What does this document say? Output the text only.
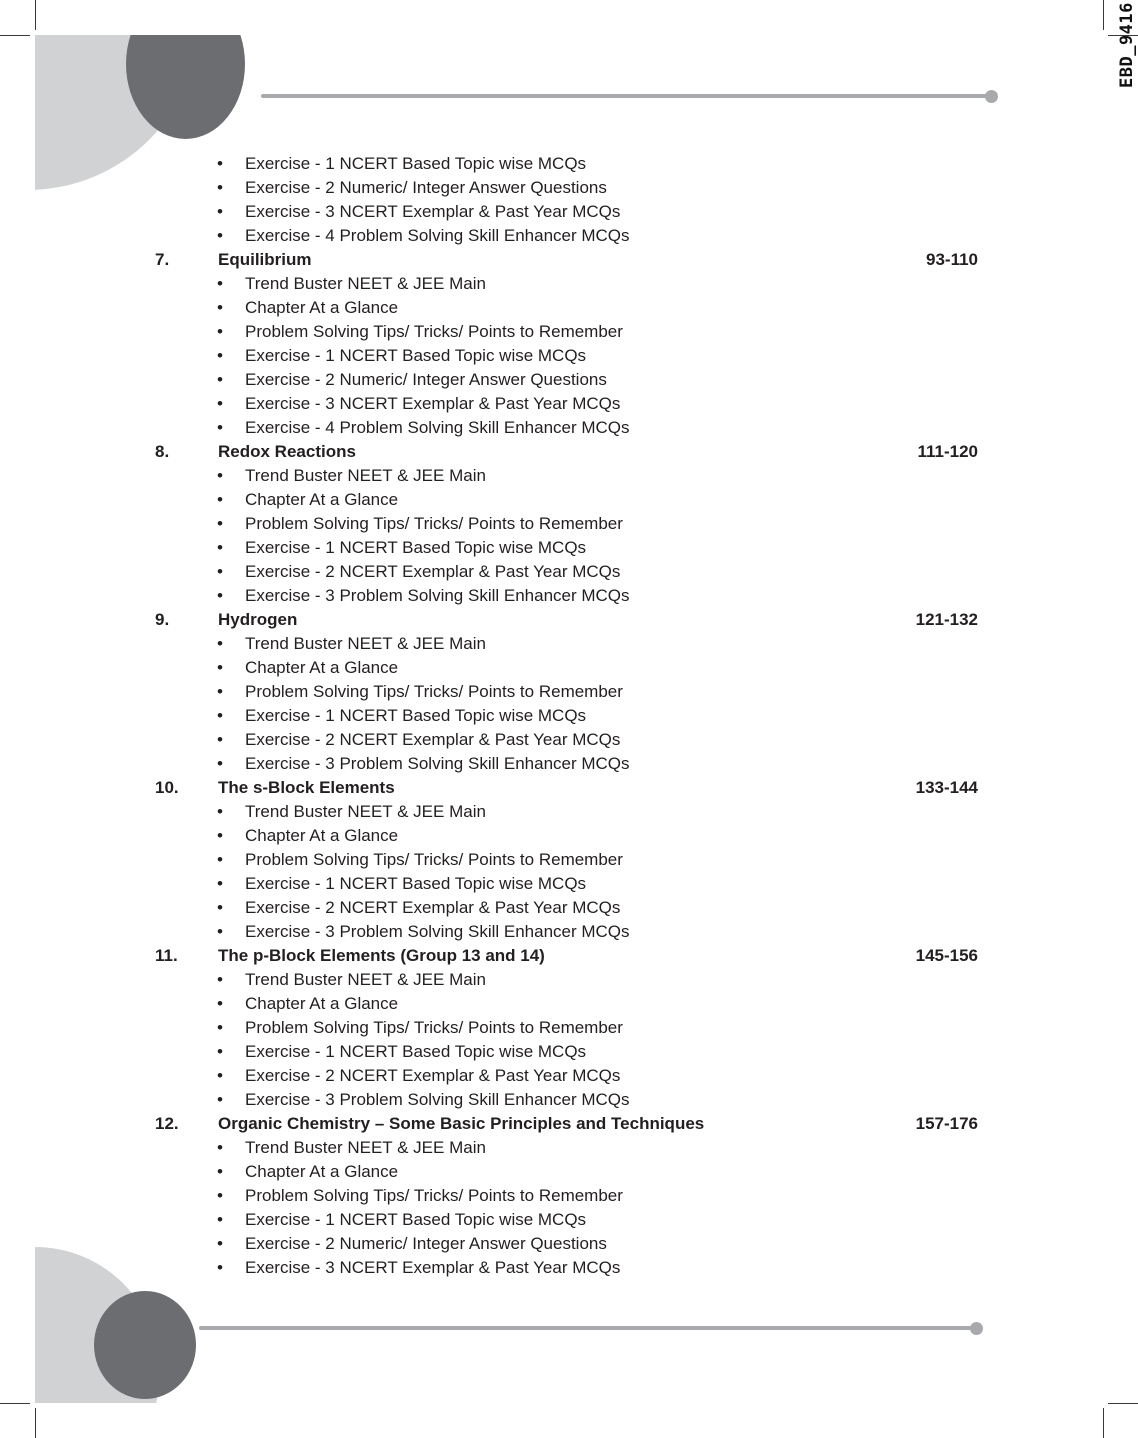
EBD_9416
•	Exercise - 1 NCERT Based Topic wise MCQs
•	Exercise - 2 Numeric/ Integer Answer Questions
•	Exercise - 3 NCERT Exemplar & Past Year MCQs
•	Exercise - 4 Problem Solving Skill Enhancer MCQs
7.	Equilibrium	93-110
•	Trend Buster NEET & JEE Main
•	Chapter At a Glance
•	Problem Solving Tips/ Tricks/ Points to Remember
•	Exercise - 1 NCERT Based Topic wise MCQs
•	Exercise - 2 Numeric/ Integer Answer Questions
•	Exercise - 3 NCERT Exemplar & Past Year MCQs
•	Exercise - 4 Problem Solving Skill Enhancer MCQs
8.	Redox Reactions	111-120
•	Trend Buster NEET & JEE Main
•	Chapter At a Glance
•	Problem Solving Tips/ Tricks/ Points to Remember
•	Exercise - 1 NCERT Based Topic wise MCQs
•	Exercise - 2 NCERT Exemplar & Past Year MCQs
•	Exercise - 3 Problem Solving Skill Enhancer MCQs
9.	Hydrogen	121-132
•	Trend Buster NEET & JEE Main
•	Chapter At a Glance
•	Problem Solving Tips/ Tricks/ Points to Remember
•	Exercise - 1 NCERT Based Topic wise MCQs
•	Exercise - 2 NCERT Exemplar & Past Year MCQs
•	Exercise - 3 Problem Solving Skill Enhancer MCQs
10. The s-Block Elements	133-144
•	Trend Buster NEET & JEE Main
•	Chapter At a Glance
•	Problem Solving Tips/ Tricks/ Points to Remember
•	Exercise - 1 NCERT Based Topic wise MCQs
•	Exercise - 2 NCERT Exemplar & Past Year MCQs
•	Exercise - 3 Problem Solving Skill Enhancer MCQs
11. The p-Block Elements (Group 13 and 14)	145-156
•	Trend Buster NEET & JEE Main
•	Chapter At a Glance
•	Problem Solving Tips/ Tricks/ Points to Remember
•	Exercise - 1 NCERT Based Topic wise MCQs
•	Exercise - 2 NCERT Exemplar & Past Year MCQs
•	Exercise - 3 Problem Solving Skill Enhancer MCQs
12. Organic Chemistry – Some Basic Principles and Techniques	157-176
•	Trend Buster NEET & JEE Main
•	Chapter At a Glance
•	Problem Solving Tips/ Tricks/ Points to Remember
•	Exercise - 1 NCERT Based Topic wise MCQs
•	Exercise - 2 Numeric/ Integer Answer Questions
•	Exercise - 3 NCERT Exemplar & Past Year MCQs
